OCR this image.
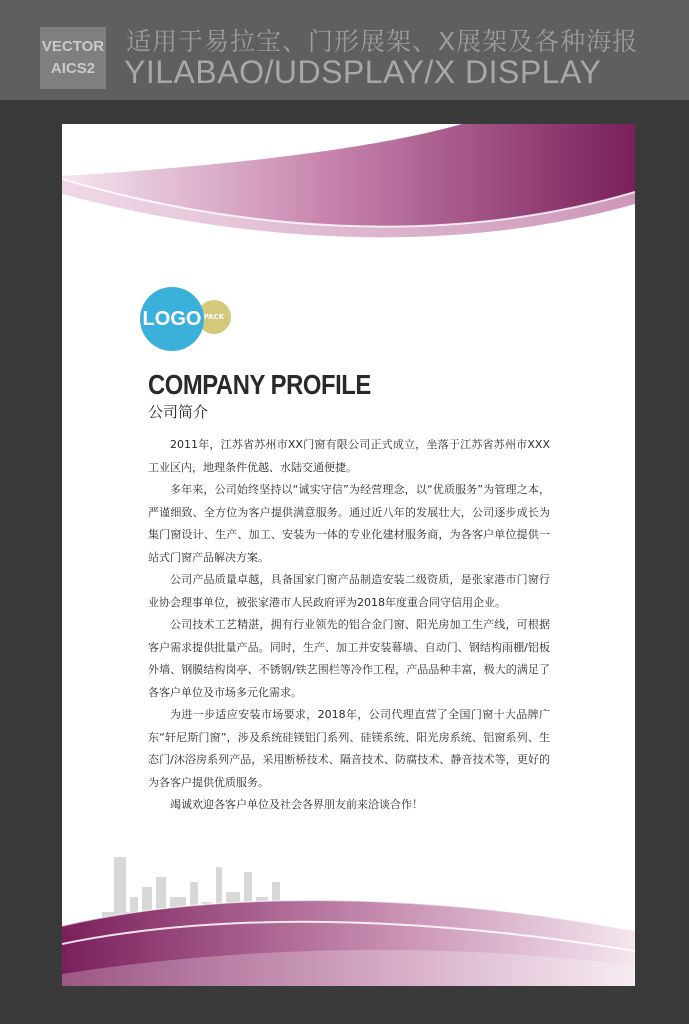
VECTOR
AICS2
适用于易拉宝、门形展架、X展架及各种海报
YILABAO/UDSPLAY/X DISPLAY
LOGO PACK
COMPANY PROFILE
公司简介

2011年，江苏省苏州市XX门窗有限公司正式成立，坐落于江苏省苏州市XXX工业区内，地理条件优越、水陆交通便捷。

多年来，公司始终坚持以“诚实守信”为经营理念，以“优质服务”为管理之本，严谨细致、全方位为客户提供满意服务。通过近八年的发展壮大，公司逐步成长为集门窗设计、生产、加工、安装为一体的专业化建材服务商，为各客户单位提供一站式门窗产品解决方案。

公司产品质量卓越，具备国家门窗产品制造安装二级资质，是张家港市门窗行业协会理事单位，被张家港市人民政府评为2018年度重合同守信用企业。

公司技术工艺精湛，拥有行业领先的铝合金门窗、阳光房加工生产线，可根据客户需求提供批量产品。同时，生产、加工并安装幕墙、自动门、钢结构雨棚/铝板外墙、钢膜结构岗亭、不锈钢/铁艺围栏等冷作工程，产品品种丰富，极大的满足了各客户单位及市场多元化需求。

为进一步适应安装市场要求，2018年，公司代理直营了全国门窗十大品牌广东“轩尼斯门窗”，涉及系统硅镁铝门系列、硅镁系统、阳光房系统、铝窗系列、生态门/沐浴房系列产品，采用断桥技术、隔音技术、防腐技术、静音技术等，更好的为各客户提供优质服务。

竭诚欢迎各客户单位及社会各界朋友前来洽谈合作！
